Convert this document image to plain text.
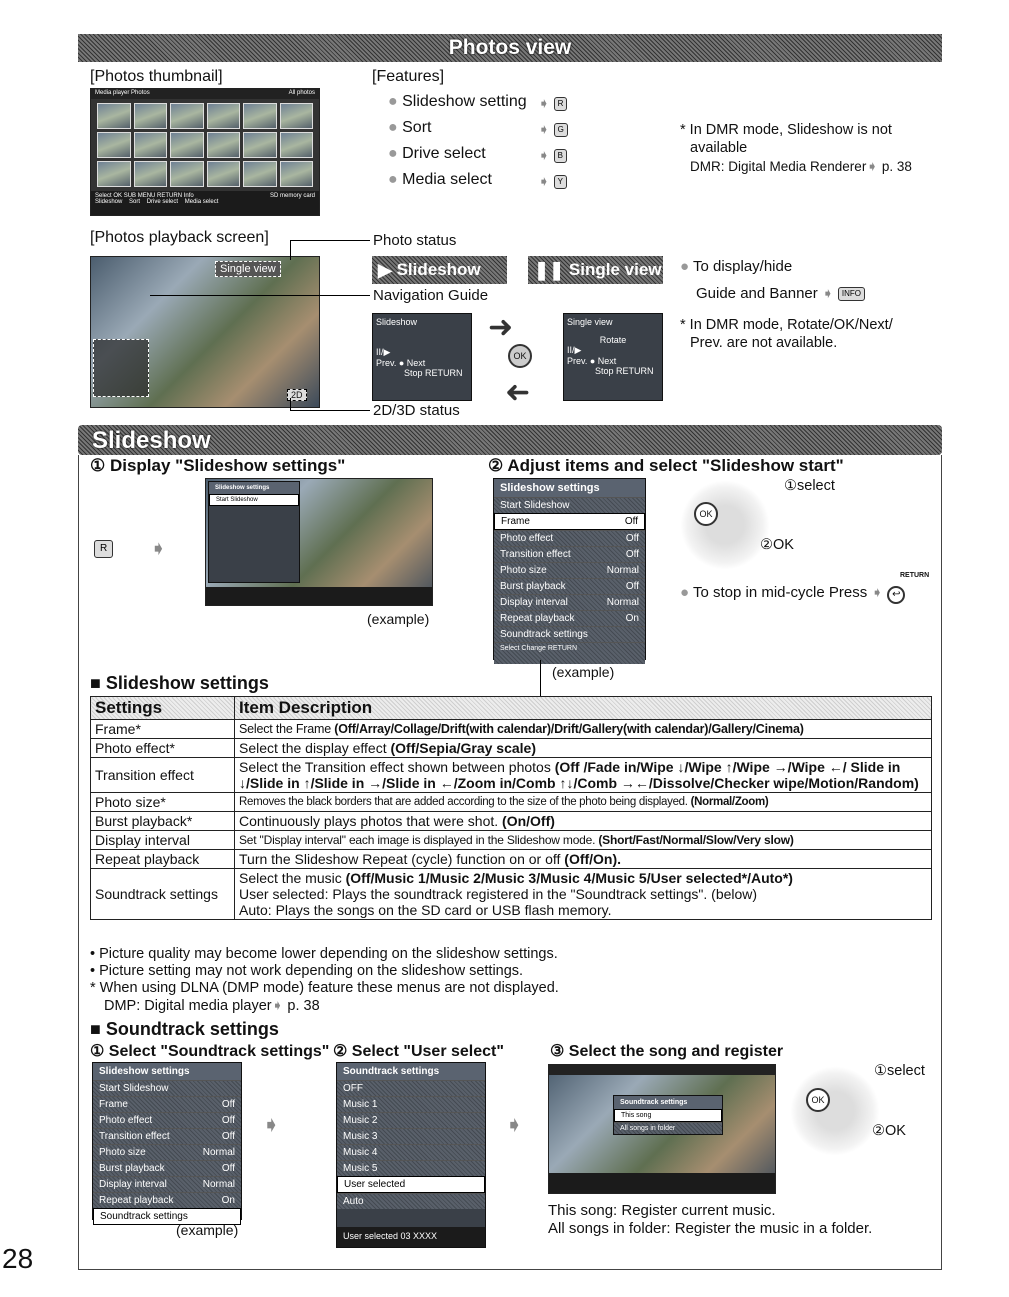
Photos view
[Photos thumbnail]
Media player Photos	All photos
Select OK SUB MENU RETURN Info	SD memory card

Slideshow Sort Drive select Media select
[Features]
● Slideshow setting
● Sort
● Drive select
● Media select
➧ R
➧ G
➧ B
➧ Y
* In DMR mode, Slideshow is not
available
DMR: Digital Media Renderer➧ p. 38
[Photos playback screen]
Single view
2D
Photo status
Navigation Guide
2D/3D status
▶
Slideshow	❚❚
Single view
Slideshow
II/▶
Prev. ● Next
Stop RETURN
➜
OK
➜
Single view
Rotate
II/▶
Prev. ● Next
Stop RETURN
● To display/hide
Guide and Banner ➧ INFO
* In DMR mode, Rotate/OK/Next/
Prev. are not available.
Slideshow
① Display "Slideshow settings"	② Adjust items and select "Slideshow start"
R	➧
Slideshow settings
Start Slideshow
(example)
Slideshow settings
Start Slideshow
Frame	Off
Photo effect	Off
Transition effect	Off
Photo size	Normal
Burst playback	Off
Display interval	Normal
Repeat playback	On
Soundtrack settings
Select Change RETURN
(example)
OK
①select
②OK
RETURN
● To stop in mid-cycle Press ➧ ↩
■ Slideshow settings
Settings	Item Description
Frame*	Select the Frame (Off/Array/Collage/Drift(with calendar)/Drift/Gallery(with calendar)/Gallery/Cinema)
Photo effect*	Select the display effect (Off/Sepia/Gray scale)
Transition effect	Select the Transition effect shown between photos (Off /Fade in/Wipe ↓/Wipe ↑/Wipe →/Wipe ←/ Slide in ↓/Slide in ↑/Slide in →/Slide in ←/Zoom in/Comb ↑↓/Comb →←/Dissolve/Checker wipe/Motion/Random)
Photo size*	Removes the black borders that are added according to the size of the photo being displayed. (Normal/Zoom)
Burst playback*	Continuously plays photos that were shot. (On/Off)
Display interval	Set "Display interval" each image is displayed in the Slideshow mode. (Short/Fast/Normal/Slow/Very slow)
Repeat playback	Turn the Slideshow Repeat (cycle) function on or off (Off/On).
Soundtrack settings	Select the music (Off/Music 1/Music 2/Music 3/Music 4/Music 5/User selected*/Auto*)
User selected: Plays the soundtrack registered in the "Soundtrack settings". (below)
Auto: Plays the songs on the SD card or USB flash memory.
• Picture quality may become lower depending on the slideshow settings.
• Picture setting may not work depending on the slideshow settings.
* When using DLNA (DMP mode) feature these menus are not displayed.
DMP: Digital media player➧ p. 38
■ Soundtrack settings
① Select "Soundtrack settings" ② Select "User select"	③ Select the song and register
Slideshow settings
Start Slideshow
Frame	Off
Photo effect	Off
Transition effect	Off
Photo size	Normal
Burst playback	Off
Display interval	Normal
Repeat playback	On
Soundtrack settings
(example)
➧
Soundtrack settings
OFF
Music 1
Music 2
Music 3
Music 4
Music 5
User selected
Auto
User selected 03 XXXX
➧
Soundtrack settings
This song
All songs in folder
OK
①select
②OK
This song: Register current music.
All songs in folder: Register the music in a folder.
28
